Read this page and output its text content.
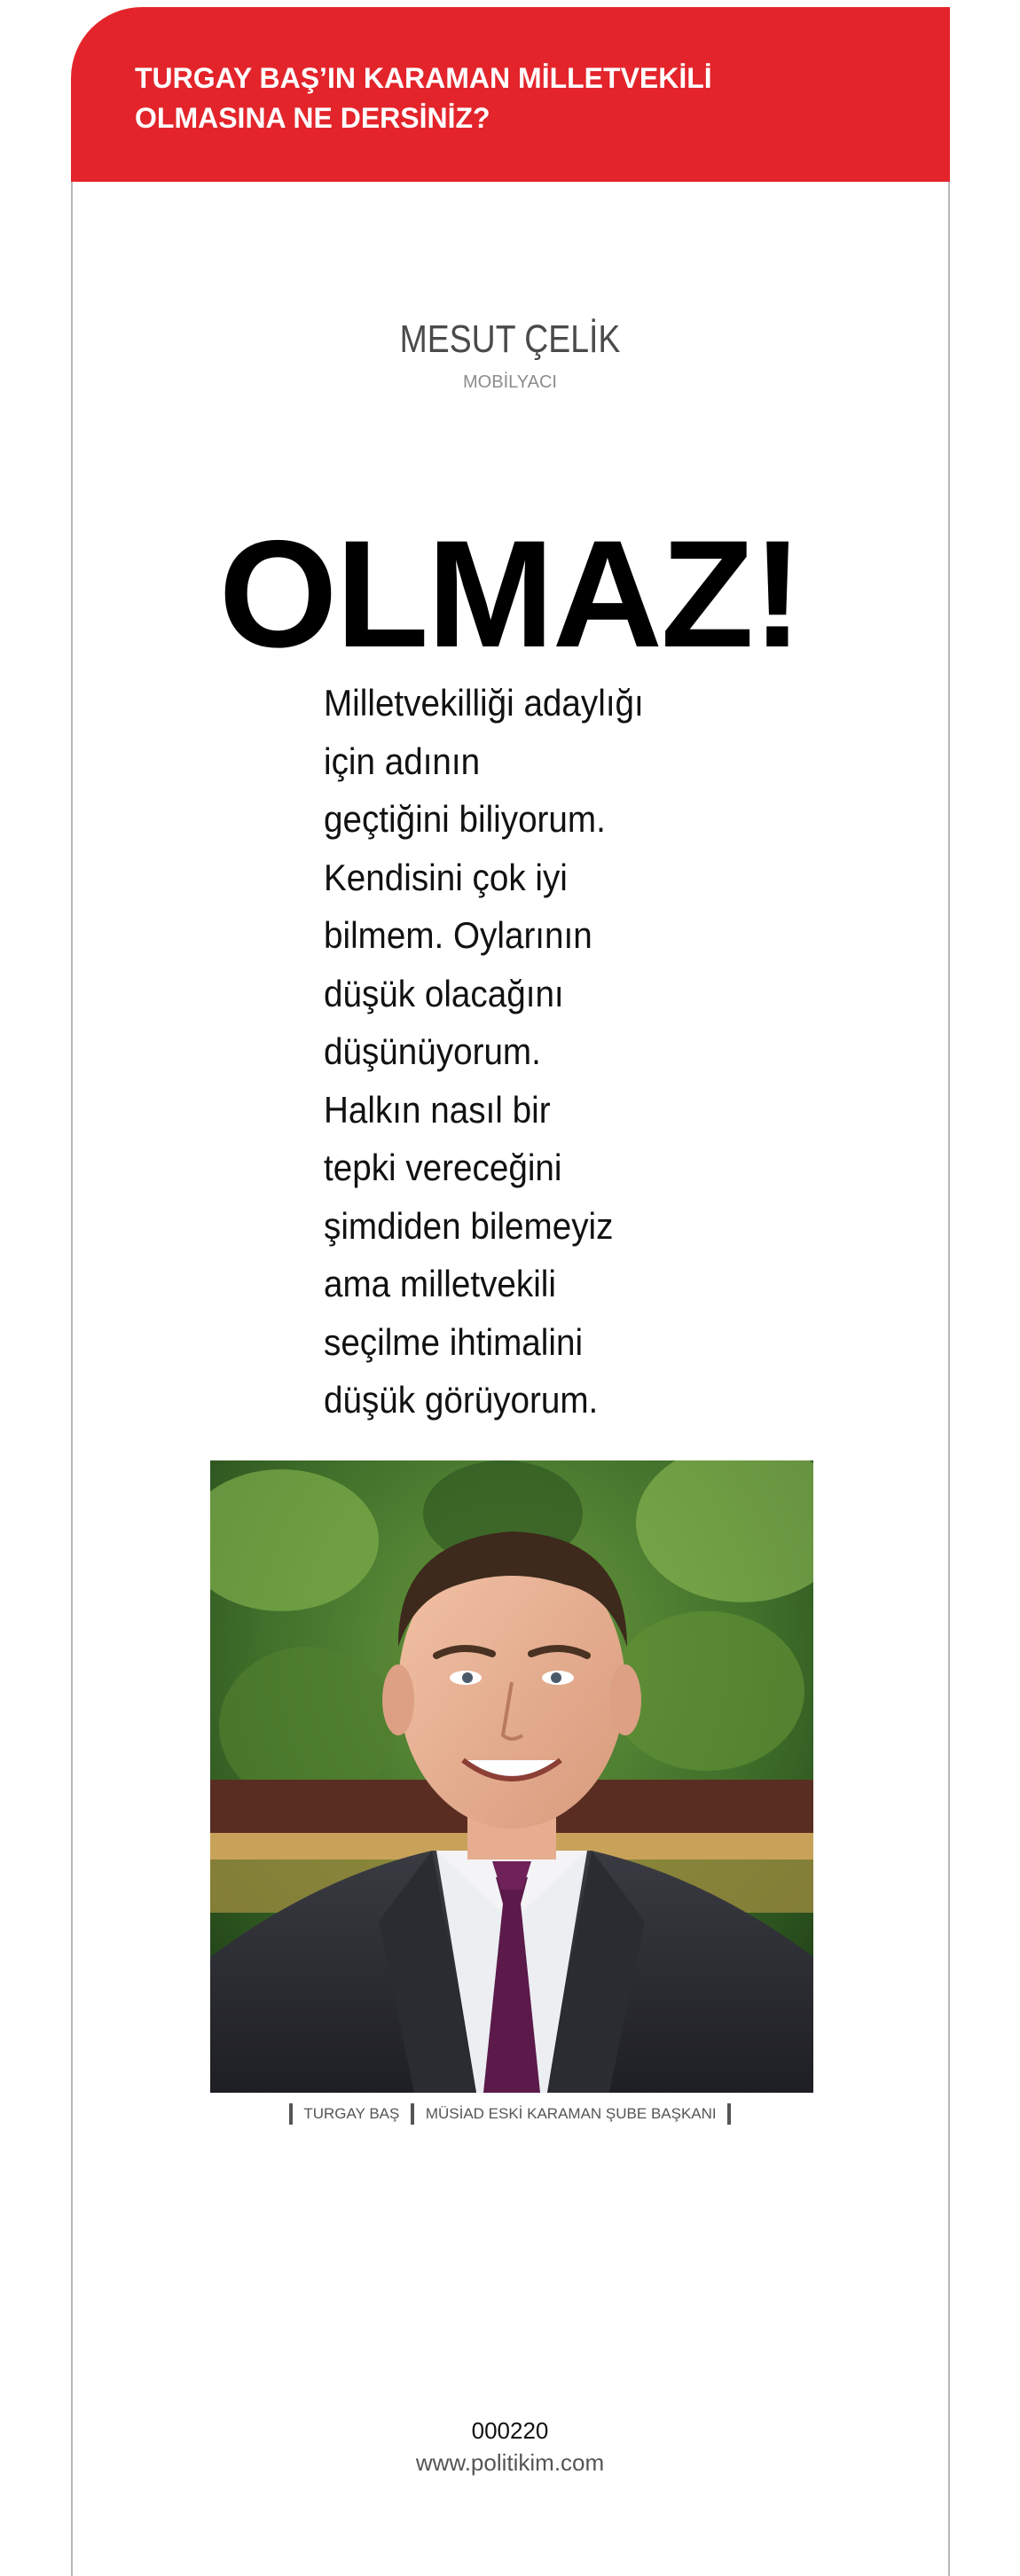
TURGAY BAŞ’IN KARAMAN MİLLETVEKİLİ
OLMASINA NE DERSİNİZ?
MESUT ÇELİK
MOBİLYACI
OLMAZ!
Milletvekilliği adaylığı
için adının
geçtiğini biliyorum.
Kendisini çok iyi
bilmem. Oylarının
düşük olacağını
düşünüyorum.
Halkın nasıl bir
tepki vereceğini
şimdiden bilemeyiz
ama milletvekili
seçilme ihtimalini
düşük görüyorum.
TURGAY BAŞ MÜSİAD ESKİ KARAMAN ŞUBE BAŞKANI
000220
www.politikim.com
